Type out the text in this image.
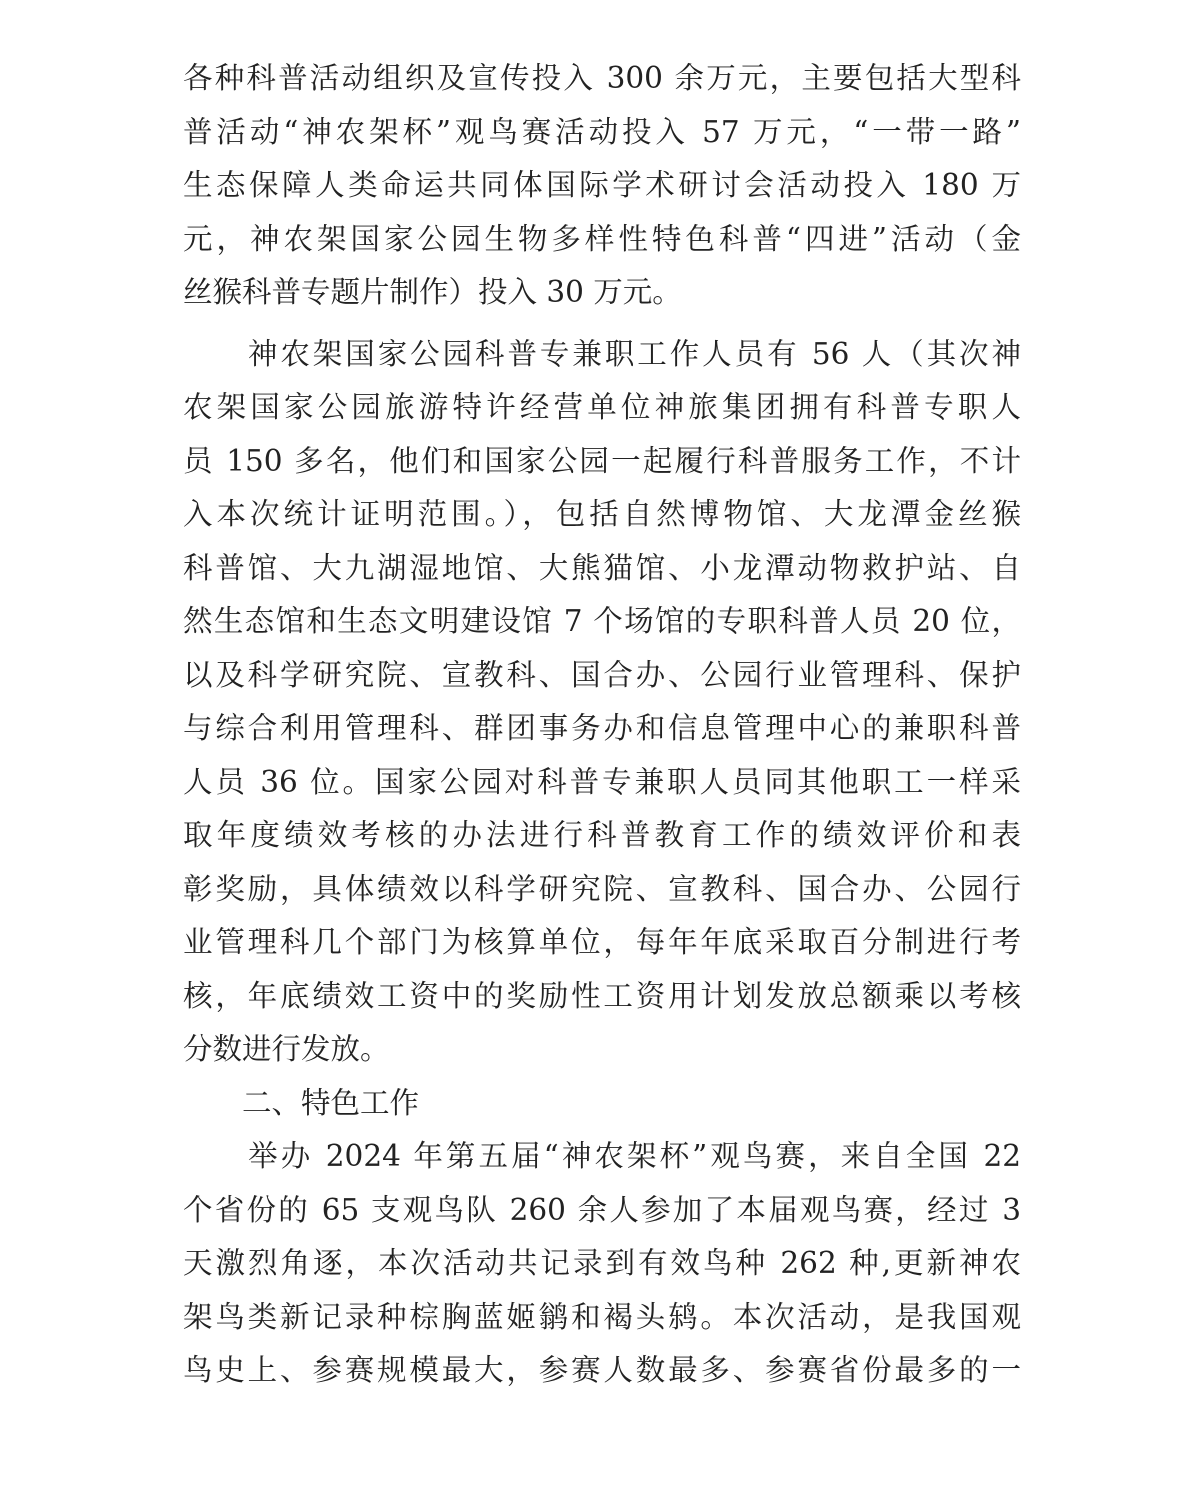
各种科普活动组织及宣传投入 300 余万元，主要包括大型科
普活动“神农架杯”观鸟赛活动投入 57 万元，“一带一路”
生态保障人类命运共同体国际学术研讨会活动投入 180 万
元，神农架国家公园生物多样性特色科普“四进”活动（金
丝猴科普专题片制作）投入 30 万元。
　　神农架国家公园科普专兼职工作人员有 56 人（其次神
农架国家公园旅游特许经营单位神旅集团拥有科普专职人
员 150 多名，他们和国家公园一起履行科普服务工作，不计
入本次统计证明范围。），包括自然博物馆、大龙潭金丝猴
科普馆、大九湖湿地馆、大熊猫馆、小龙潭动物救护站、自
然生态馆和生态文明建设馆 7 个场馆的专职科普人员 20 位，
以及科学研究院、宣教科、国合办、公园行业管理科、保护
与综合利用管理科、群团事务办和信息管理中心的兼职科普
人员 36 位。国家公园对科普专兼职人员同其他职工一样采
取年度绩效考核的办法进行科普教育工作的绩效评价和表
彰奖励，具体绩效以科学研究院、宣教科、国合办、公园行
业管理科几个部门为核算单位，每年年底采取百分制进行考
核，年底绩效工资中的奖励性工资用计划发放总额乘以考核
分数进行发放。
　　二、特色工作
　　举办 2024 年第五届“神农架杯”观鸟赛，来自全国 22
个省份的 65 支观鸟队 260 余人参加了本届观鸟赛，经过 3
天激烈角逐，本次活动共记录到有效鸟种 262 种,更新神农
架鸟类新记录种棕胸蓝姬鹟和褐头鸫。本次活动，是我国观
鸟史上、参赛规模最大，参赛人数最多、参赛省份最多的一
